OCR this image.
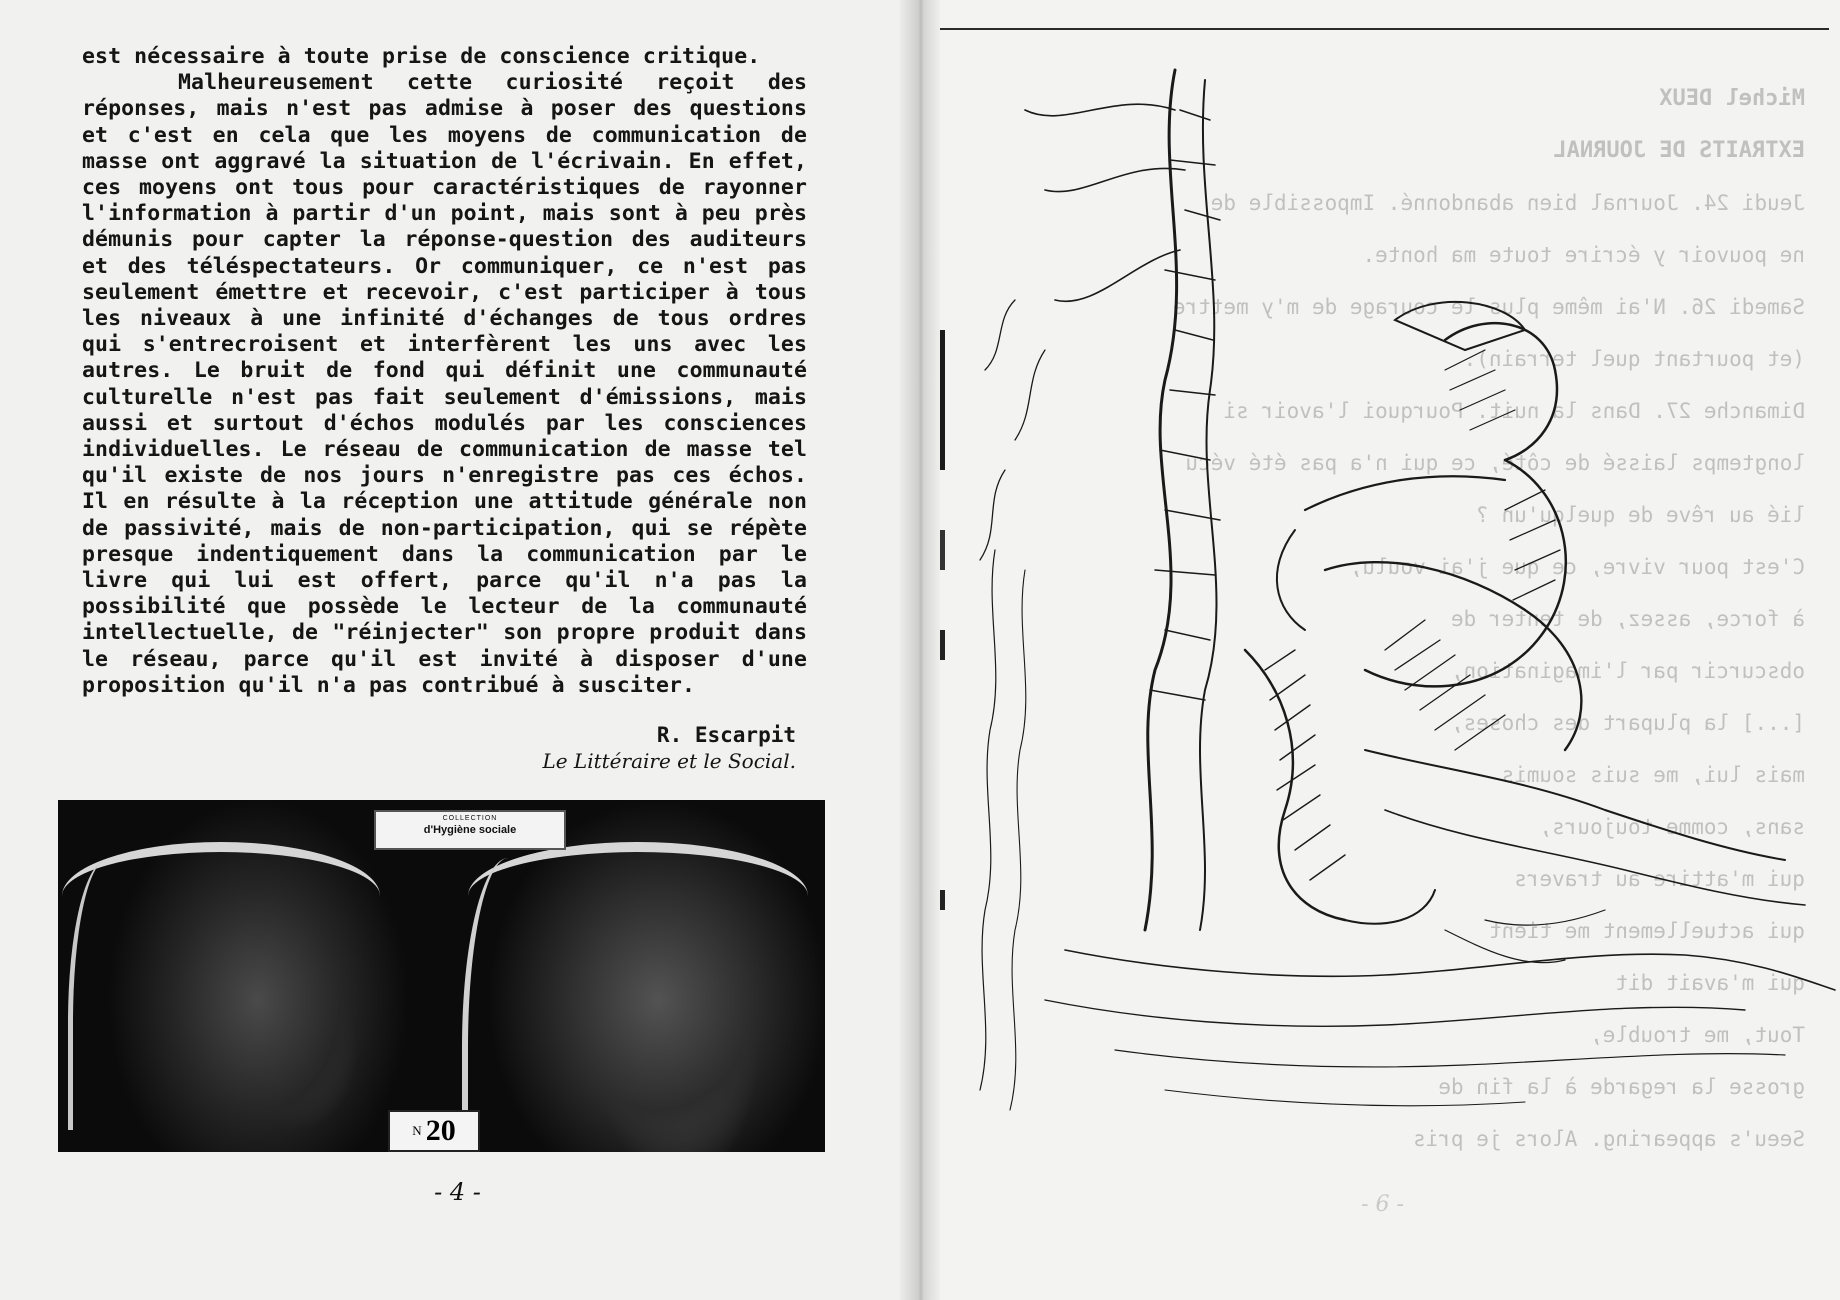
est nécessaire à toute prise de conscience critique.

Malheureusement cette curiosité reçoit des réponses, mais n'est pas admise à poser des questions et c'est en cela que les moyens de communication de masse ont aggravé la situation de l'écrivain. En effet, ces moyens ont tous pour caractéristiques de rayonner l'information à partir d'un point, mais sont à peu près démunis pour capter la réponse-question des auditeurs et des téléspectateurs. Or communiquer, ce n'est pas seulement émettre et recevoir, c'est participer à tous les niveaux à une infinité d'échanges de tous ordres qui s'entrecroisent et interfèrent les uns avec les autres. Le bruit de fond qui définit une communauté culturelle n'est pas fait seulement d'émissions, mais aussi et surtout d'échos modulés par les consciences individuelles. Le réseau de communication de masse tel qu'il existe de nos jours n'enregistre pas ces échos. Il en résulte à la réception une attitude générale non de passivité, mais de non-participation, qui se répète presque indentiquement dans la communication par le livre qui lui est offert, parce qu'il n'a pas la possibilité que possède le lecteur de la communauté intellectuelle, de "réinjecter" son propre produit dans le réseau, parce qu'il est invité à disposer d'une proposition qu'il n'a pas contribué à susciter.

R. Escarpit
Le Littéraire et le Social.
COLLECTION
d'Hygiène sociale
N 20
- 4 -

Michel DEUX

EXTRAITS DE JOURNAL

Jeudi 24. Journal bien abandonné. Impossible de

ne pouvoir y écrire toute ma honte.

Samedi 26. N'ai même plus le courage de m'y mettre

(et pourtant quel terrain).

Dimanche 27. Dans la nuit. Pourquoi l'avoir si

longtemps laissé de côté, ce qui n'a pas été vécu

lié au rêve de quelqu'un ?

C'est pour vivre, ce que j'ai voulu,

à force, assez, de tenter de

obscurcir par l'imagination,

[...] la plupart des choses,

mais lui, me suis soumis

sans, comme toujours,

qui m'attire au travers

qui actuellement me tient

qui m'avait dit

Tout, me trouble,

grosse la regarde à la fin de

Seeu's appearing. Alors je pris

- 6 -
